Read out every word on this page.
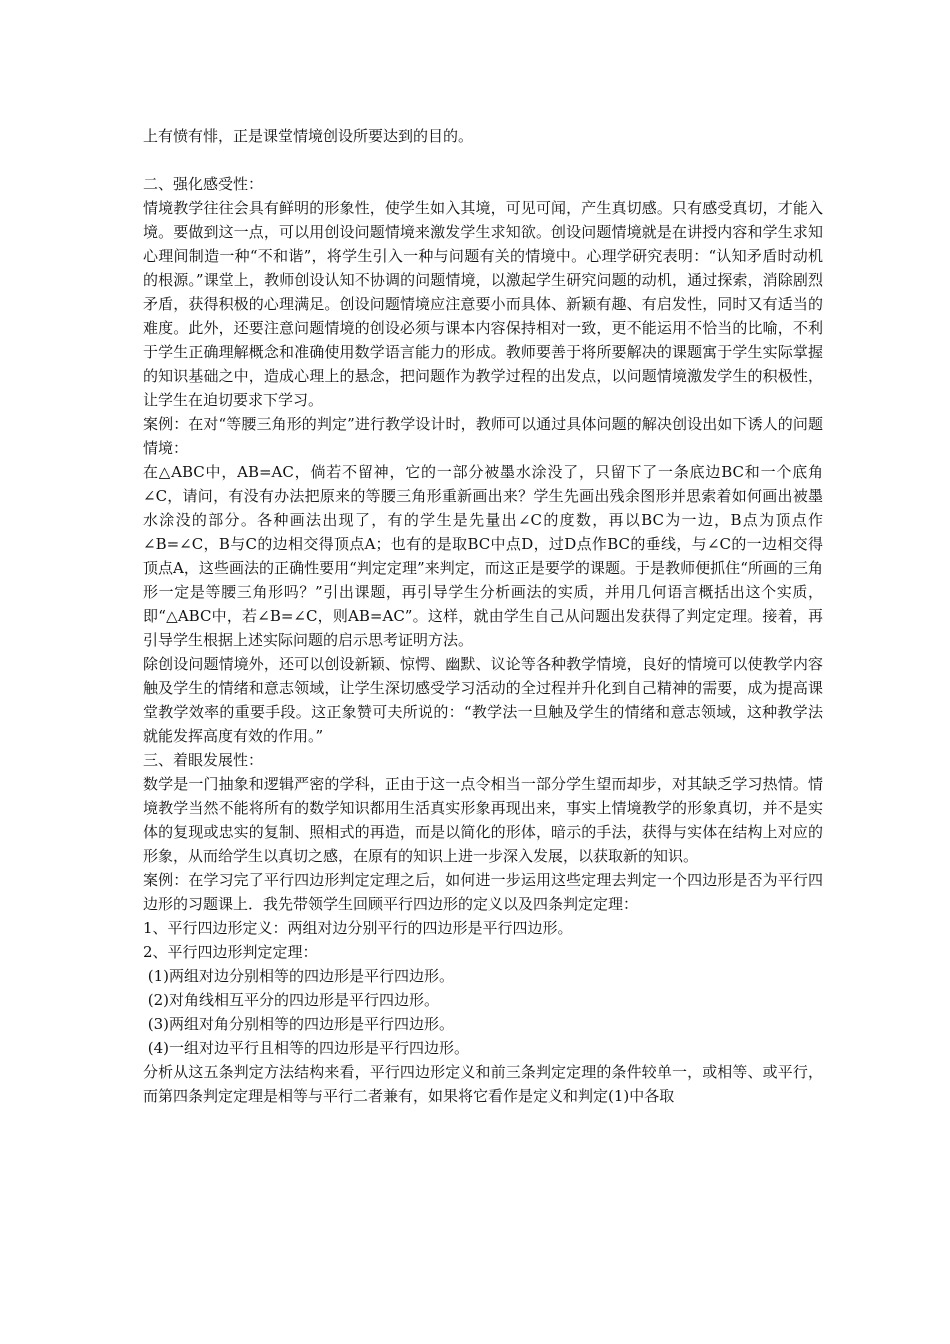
上有愤有悱，正是课堂情境创设所要达到的目的。
二、强化感受性：
情境教学往往会具有鲜明的形象性，使学生如入其境，可见可闻，产生真切感。只有感受真切，才能入境。要做到这一点，可以用创设问题情境来激发学生求知欲。创设问题情境就是在讲授内容和学生求知心理间制造一种“不和谐”，将学生引入一种与问题有关的情境中。心理学研究表明：“认知矛盾时动机的根源。”课堂上，教师创设认知不协调的问题情境，以激起学生研究问题的动机，通过探索，消除剧烈矛盾，获得积极的心理满足。创设问题情境应注意要小而具体、新颖有趣、有启发性，同时又有适当的难度。此外，还要注意问题情境的创设必须与课本内容保持相对一致，更不能运用不恰当的比喻，不利于学生正确理解概念和准确使用数学语言能力的形成。教师要善于将所要解决的课题寓于学生实际掌握的知识基础之中，造成心理上的悬念，把问题作为教学过程的出发点，以问题情境激发学生的积极性，让学生在迫切要求下学习。
案例：在对“等腰三角形的判定”进行教学设计时，教师可以通过具体问题的解决创设出如下诱人的问题情境：
在△ABC中，AB=AC，倘若不留神，它的一部分被墨水涂没了，只留下了一条底边BC和一个底角 ∠C，请问，有没有办法把原来的等腰三角形重新画出来？学生先画出残余图形并思索着如何画出被墨水涂没的部分。各种画法出现了，有的学生是先量出∠C的度数，再以BC为一边，B点为顶点作∠B=∠C，B与C的边相交得顶点A；也有的是取BC中点D，过D点作BC的垂线，与∠C的一边相交得顶点A，这些画法的正确性要用“判定定理”来判定，而这正是要学的课题。于是教师便抓住“所画的三角形一定是等腰三角形吗？”引出课题，再引导学生分析画法的实质，并用几何语言概括出这个实质，即“△ABC中，若∠B=∠C，则AB=AC”。这样，就由学生自己从问题出发获得了判定定理。接着，再引导学生根据上述实际问题的启示思考证明方法。
除创设问题情境外，还可以创设新颖、惊愕、幽默、议论等各种教学情境，良好的情境可以使教学内容触及学生的情绪和意志领域，让学生深切感受学习活动的全过程并升化到自己精神的需要，成为提高课堂教学效率的重要手段。这正象赞可夫所说的：“教学法一旦触及学生的情绪和意志领域，这种教学法就能发挥高度有效的作用。”
三、着眼发展性：
数学是一门抽象和逻辑严密的学科，正由于这一点令相当一部分学生望而却步，对其缺乏学习热情。情境教学当然不能将所有的数学知识都用生活真实形象再现出来，事实上情境教学的形象真切，并不是实体的复现或忠实的复制、照相式的再造，而是以简化的形体，暗示的手法，获得与实体在结构上对应的形象，从而给学生以真切之感，在原有的知识上进一步深入发展，以获取新的知识。
案例：在学习完了平行四边形判定定理之后，如何进一步运用这些定理去判定一个四边形是否为平行四边形的习题课上．我先带领学生回顾平行四边形的定义以及四条判定定理：
1、平行四边形定义：两组对边分别平行的四边形是平行四边形。
2、平行四边形判定定理：
(1)两组对边分别相等的四边形是平行四边形。
(2)对角线相互平分的四边形是平行四边形。
(3)两组对角分别相等的四边形是平行四边形。
(4)一组对边平行且相等的四边形是平行四边形。
分析从这五条判定方法结构来看，平行四边形定义和前三条判定定理的条件较单一，或相等、或平行，而第四条判定定理是相等与平行二者兼有，如果将它看作是定义和判定(1)中各取
